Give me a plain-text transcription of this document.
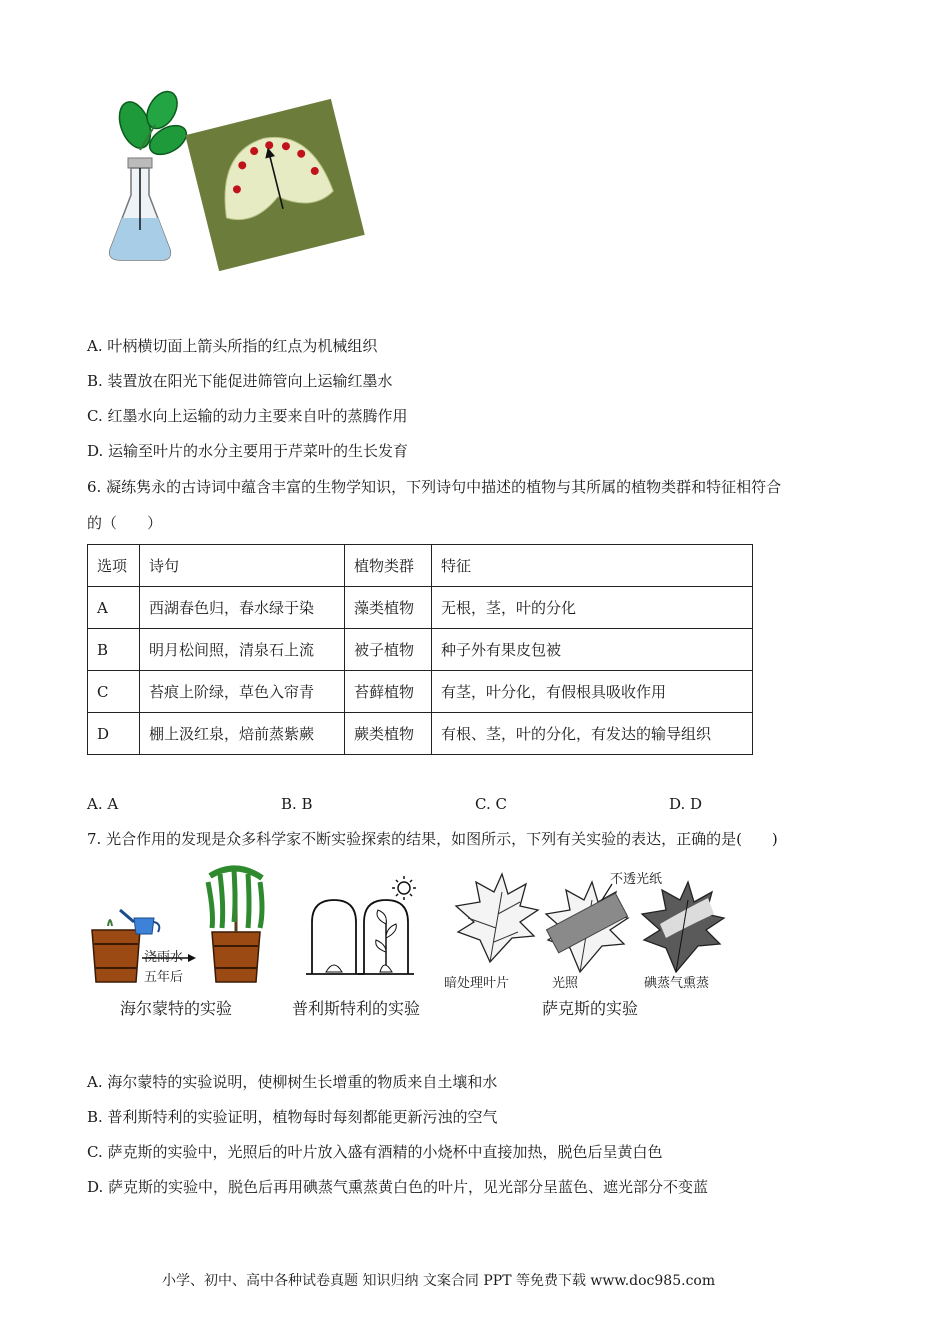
A. 叶柄横切面上箭头所指的红点为机械组织
B. 装置放在阳光下能促进筛管向上运输红墨水
C. 红墨水向上运输的动力主要来自叶的蒸腾作用
D. 运输至叶片的水分主要用于芹菜叶的生长发育
6. 凝练隽永的古诗词中蕴含丰富的生物学知识，下列诗句中描述的植物与其所属的植物类群和特征相符合
的（　　）
选项	诗句	植物类群	特征
A	西湖春色归，春水绿于染	藻类植物	无根，茎，叶的分化
B	明月松间照，清泉石上流	被子植物	种子外有果皮包被
C	苔痕上阶绿，草色入帘青	苔藓植物	有茎，叶分化，有假根具吸收作用
D	棚上汲红泉，焙前蒸紫蕨	蕨类植物	有根、茎，叶的分化，有发达的输导组织
A. A	B. B	C. C	D. D
7. 光合作用的发现是众多科学家不断实验探索的结果，如图所示，下列有关实验的表达，正确的是(　　)
浇雨水
五年后
海尔蒙特的实验	普利斯特利的实验
不透光纸
暗处理叶片	光照	碘蒸气熏蒸
萨克斯的实验
A. 海尔蒙特的实验说明，使柳树生长增重的物质来自土壤和水
B. 普利斯特利的实验证明，植物每时每刻都能更新污浊的空气
C. 萨克斯的实验中，光照后的叶片放入盛有酒精的小烧杯中直接加热，脱色后呈黄白色
D. 萨克斯的实验中，脱色后再用碘蒸气熏蒸黄白色的叶片，见光部分呈蓝色、遮光部分不变蓝
小学、初中、高中各种试卷真题 知识归纳 文案合同 PPT 等免费下载 www.doc985.com
